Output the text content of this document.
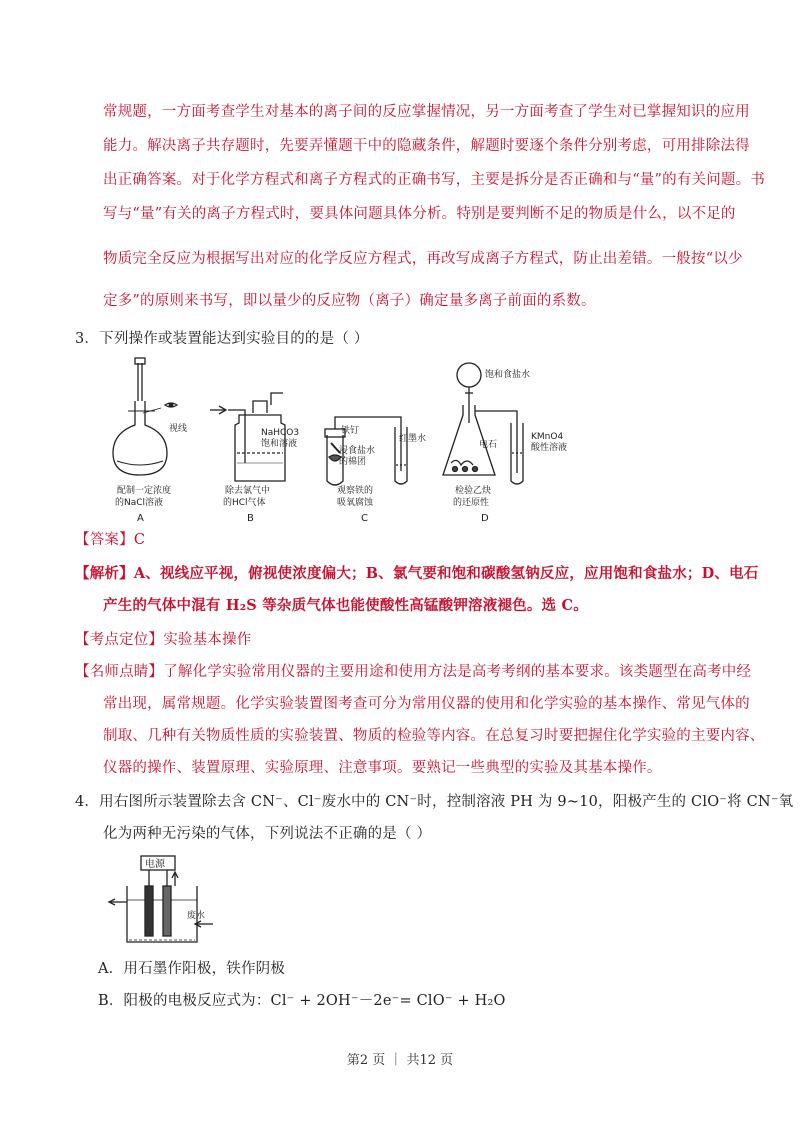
常规题，一方面考查学生对基本的离子间的反应掌握情况，另一方面考查了学生对已掌握知识的应用
能力。解决离子共存题时，先要弄懂题干中的隐藏条件，解题时要逐个条件分别考虑，可用排除法得
出正确答案。对于化学方程式和离子方程式的正确书写，主要是拆分是否正确和与“量”的有关问题。书
写与“量”有关的离子方程式时，要具体问题具体分析。特别是要判断不足的物质是什么，以不足的
物质完全反应为根据写出对应的化学反应方程式，再改写成离子方程式，防止出差错。一般按“以少
定多”的原则来书写，即以量少的反应物（离子）确定量多离子前面的系数。
3．下列操作或装置能达到实验目的的是（ ）
视线
配制一定浓度
的NaCl溶液
A
NaHCO3
饱和溶液
除去氯气中
的HCl气体
B
铁钉
浸食盐水
的棉团
红墨水
观察铁的
吸氧腐蚀
C
饱和食盐水
电石
KMnO4
酸性溶液
检验乙炔
的还原性
D
【答案】C
【解析】A、视线应平视，俯视使浓度偏大；B、氯气要和饱和碳酸氢钠反应，应用饱和食盐水；D、电石
产生的气体中混有 H₂S 等杂质气体也能使酸性高锰酸钾溶液褪色。选 C。
【考点定位】实验基本操作
【名师点睛】了解化学实验常用仪器的主要用途和使用方法是高考考纲的基本要求。该类题型在高考中经
常出现，属常规题。化学实验装置图考查可分为常用仪器的使用和化学实验的基本操作、常见气体的
制取、几种有关物质性质的实验装置、物质的检验等内容。在总复习时要把握住化学实验的主要内容、
仪器的操作、装置原理、实验原理、注意事项。要熟记一些典型的实验及其基本操作。
4．用右图所示装置除去含 CN⁻、Cl⁻废水中的 CN⁻时，控制溶液 PH 为 9~10，阳极产生的 ClO⁻将 CN⁻氧
化为两种无污染的气体，下列说法不正确的是（ ）
电源
废水
A．用石墨作阳极，铁作阴极
B．阳极的电极反应式为：Cl⁻ + 2OH⁻－2e⁻= ClO⁻ + H₂O
第2 页 ｜ 共12 页
